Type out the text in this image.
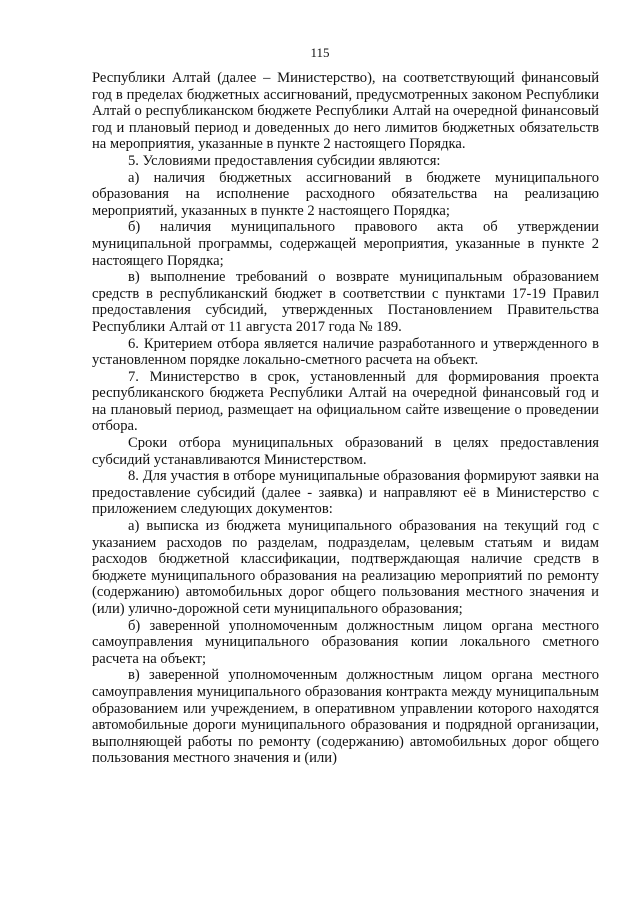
115

Республики Алтай (далее – Министерство), на соответствующий финансовый год в пределах бюджетных ассигнований, предусмотренных законом Республики Алтай о республиканском бюджете Республики Алтай на очередной финансовый год и плановый период и доведенных до него лимитов бюджетных обязательств на мероприятия, указанные в пункте 2 настоящего Порядка.

5. Условиями предоставления субсидии являются:

а) наличия бюджетных ассигнований в бюджете муниципального образования на исполнение расходного обязательства на реализацию мероприятий, указанных в пункте 2 настоящего Порядка;

б) наличия муниципального правового акта об утверждении муниципальной программы, содержащей мероприятия, указанные в пункте 2 настоящего Порядка;

в) выполнение требований о возврате муниципальным образованием средств в республиканский бюджет в соответствии с пунктами 17-19 Правил предоставления субсидий, утвержденных Постановлением Правительства Республики Алтай от 11 августа 2017 года № 189.

6. Критерием отбора является наличие разработанного и утвержденного в установленном порядке локально-сметного расчета на объект.

7. Министерство в срок, установленный для формирования проекта республиканского бюджета Республики Алтай на очередной финансовый год и на плановый период, размещает на официальном сайте извещение о проведении отбора.

Сроки отбора муниципальных образований в целях предоставления субсидий устанавливаются Министерством.

8. Для участия в отборе муниципальные образования формируют заявки на предоставление субсидий (далее - заявка) и направляют её в Министерство с приложением следующих документов:

а) выписка из бюджета муниципального образования на текущий год с указанием расходов по разделам, подразделам, целевым статьям и видам расходов бюджетной классификации, подтверждающая наличие средств в бюджете муниципального образования на реализацию мероприятий по ремонту (содержанию) автомобильных дорог общего пользования местного значения и (или) улично-дорожной сети муниципального образования;

б) заверенной уполномоченным должностным лицом органа местного самоуправления муниципального образования копии локального сметного расчета на объект;

в) заверенной уполномоченным должностным лицом органа местного самоуправления муниципального образования контракта между муниципальным образованием или учреждением, в оперативном управлении которого находятся автомобильные дороги муниципального образования и подрядной организации, выполняющей работы по ремонту (содержанию) автомобильных дорог общего пользования местного значения и (или)
